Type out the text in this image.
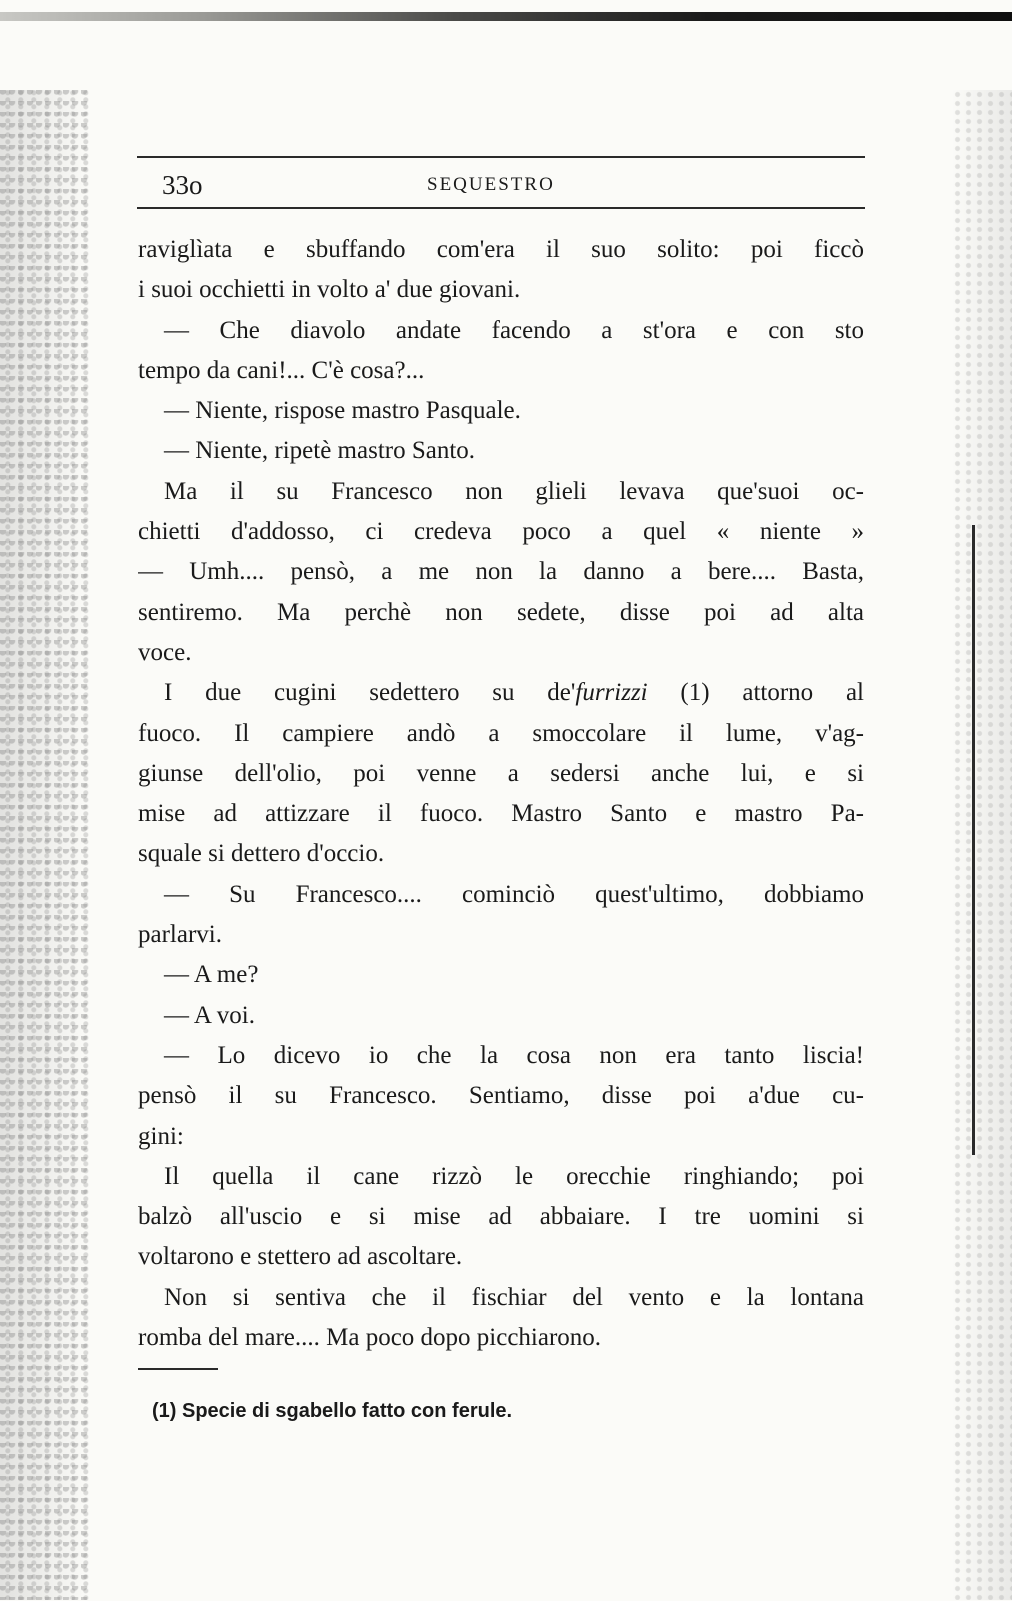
33o	SEQUESTRO
raviglìata e sbuffando com'era il suo solito: poi ficcò
i suoi occhietti in volto a' due giovani.
— Che diavolo andate facendo a st'ora e con sto
tempo da cani!... C'è cosa?...
— Niente, rispose mastro Pasquale.
— Niente, ripetè mastro Santo.
Ma il su Francesco non glieli levava que'suoi oc-
chietti d'addosso, ci credeva poco a quel « niente »
— Umh.... pensò, a me non la danno a bere.... Basta,
sentiremo. Ma perchè non sedete, disse poi ad alta
voce.
I due cugini sedettero su de'furrizzi (1) attorno al
fuoco. Il campiere andò a smoccolare il lume, v'ag-
giunse dell'olio, poi venne a sedersi anche lui, e si
mise ad attizzare il fuoco. Mastro Santo e mastro Pa-
squale si dettero d'occio.
— Su Francesco.... cominciò quest'ultimo, dobbiamo
parlarvi.
— A me?
— A voi.
— Lo dicevo io che la cosa non era tanto liscia!
pensò il su Francesco. Sentiamo, disse poi a'due cu-
gini:
Il quella il cane rizzò le orecchie ringhiando; poi
balzò all'uscio e si mise ad abbaiare. I tre uomini si
voltarono e stettero ad ascoltare.
Non si sentiva che il fischiar del vento e la lontana
romba del mare.... Ma poco dopo picchiarono.
(1) Specie di sgabello fatto con ferule.
